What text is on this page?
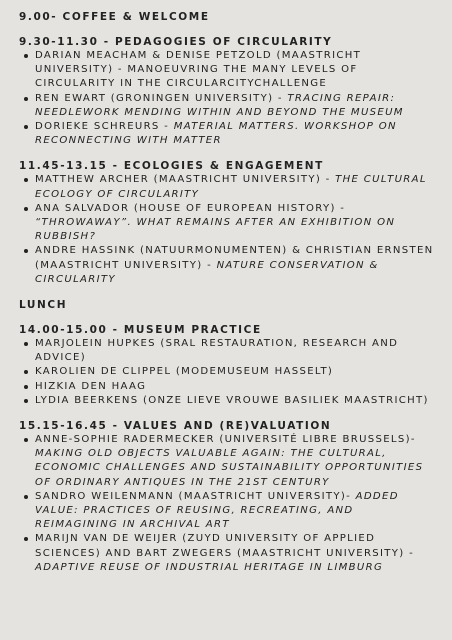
9.00- COFFEE & WELCOME
9.30-11.30 - PEDAGOGIES OF CIRCULARITY
DARIAN MEACHAM & DENISE PETZOLD (MAASTRICHT UNIVERSITY) - MANOEUVRING THE MANY LEVELS OF CIRCULARITY IN THE CIRCULARCITYCHALLENGE
REN EWART (GRONINGEN UNIVERSITY) - TRACING REPAIR: NEEDLEWORK MENDING WITHIN AND BEYOND THE MUSEUM
DORIEKE SCHREURS - MATERIAL MATTERS. WORKSHOP ON RECONNECTING WITH MATTER
11.45-13.15 - ECOLOGIES & ENGAGEMENT
MATTHEW ARCHER (MAASTRICHT UNIVERSITY) - THE CULTURAL ECOLOGY OF CIRCULARITY
ANA SALVADOR (HOUSE OF EUROPEAN HISTORY) - “THROWAWAY”. WHAT REMAINS AFTER AN EXHIBITION ON RUBBISH?
ANDRE HASSINK (NATUURMONUMENTEN) & CHRISTIAN ERNSTEN (MAASTRICHT UNIVERSITY) - NATURE CONSERVATION & CIRCULARITY
LUNCH
14.00-15.00 - MUSEUM PRACTICE
MARJOLEIN HUPKES (SRAL RESTAURATION, RESEARCH AND ADVICE)
KAROLIEN DE CLIPPEL (MODEMUSEUM HASSELT)
HIZKIA DEN HAAG
LYDIA BEERKENS (ONZE LIEVE VROUWE BASILIEK MAASTRICHT)
15.15-16.45 - VALUES AND (RE)VALUATION
ANNE-SOPHIE RADERMECKER (UNIVERSITÉ LIBRE BRUSSELS)- MAKING OLD OBJECTS VALUABLE AGAIN: THE CULTURAL, ECONOMIC CHALLENGES AND SUSTAINABILITY OPPORTUNITIES OF ORDINARY ANTIQUES IN THE 21ST CENTURY
SANDRO WEILENMANN (MAASTRICHT UNIVERSITY)- ADDED VALUE: PRACTICES OF REUSING, RECREATING, AND REIMAGINING IN ARCHIVAL ART
MARIJN VAN DE WEIJER (ZUYD UNIVERSITY OF APPLIED SCIENCES) AND BART ZWEGERS (MAASTRICHT UNIVERSITY) - ADAPTIVE REUSE OF INDUSTRIAL HERITAGE IN LIMBURG
